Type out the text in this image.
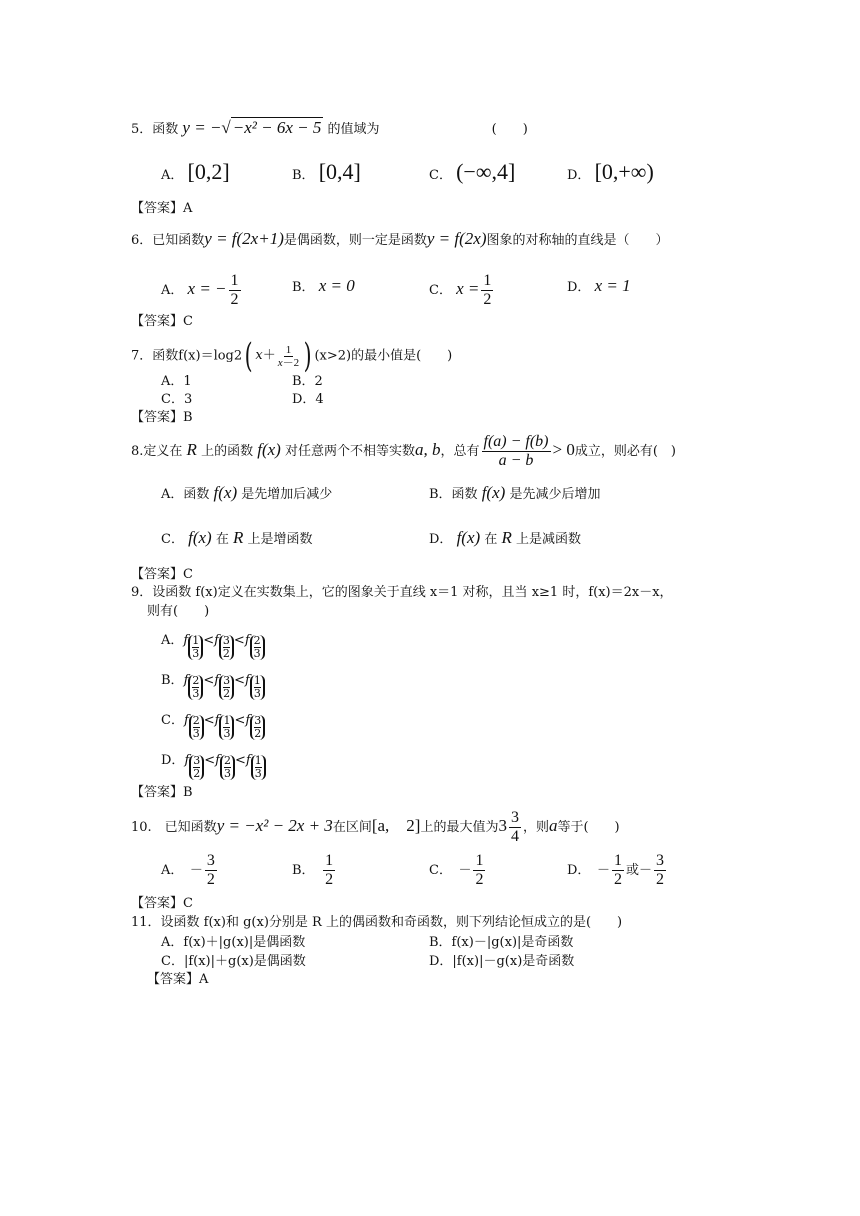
5．函数 y = −√ −x² − 6x − 5 的值域为	(　　)
A． [0,2]	B． [0,4]	C． (−∞,4]	D． [0,+∞)
【答案】A
6．已知函数y = f(2x+1)是偶函数，则一定是函数y = f(2x)图象的对称轴的直线是（　　）
A． x = − $\frac{1}{2}$	B． x = 0	C． $x = \frac{1}{2}$	D． x = 1
【答案】C
7．函数f(x)＝log2 ( $x + \frac{1}{x-2}$ ) (x>2)的最小值是(　　)
A．1	B．2
C．3	D．4
【答案】B
8.定义在 R 上的函数 f(x) 对任意两个不相等实数a, b，总有 $\frac{f(a) - f(b)}{a - b} > 0$成立，则必有(　)
A．函数 f(x) 是先增加后减少	B．函数 f(x) 是先减少后增加
C． f(x) 在 R 上是增函数	D． f(x) 在 R 上是减函数
【答案】C
9．设函数 f(x)定义在实数集上，它的图象关于直线 x＝1 对称，且当 x≥1 时，f(x)＝2x－x，
则有(　　)
A．f $\frac{1}{3} <f \frac{3}{2} <f \frac{2}{3}$
B．f $\frac{2}{3} <f \frac{3}{2} <f \frac{1}{3}$
C．f $\frac{2}{3} <f \frac{1}{3} <f \frac{3}{2}$
D．f $\frac{3}{2} <f \frac{2}{3} <f \frac{1}{3}$
【答案】B
10.　已知函数y = −x² − 2x + 3在区间[a,　2]上的最大值为$3 \frac{3}{4}$ ，则a等于(　　)
A．　－ $\frac{3}{2}$	B．　 $\frac{1}{2}$	C．　－ $\frac{1}{2}$	D．　－ $\frac{1}{2}$ 或－ $\frac{3}{2}$
【答案】C
11．设函数 f(x)和 g(x)分别是 R 上的偶函数和奇函数，则下列结论恒成立的是(　　)
A．f(x)＋|g(x)|是偶函数	B．f(x)－|g(x)|是奇函数
C．|f(x)|＋g(x)是偶函数	D．|f(x)|－g(x)是奇函数
【答案】A
